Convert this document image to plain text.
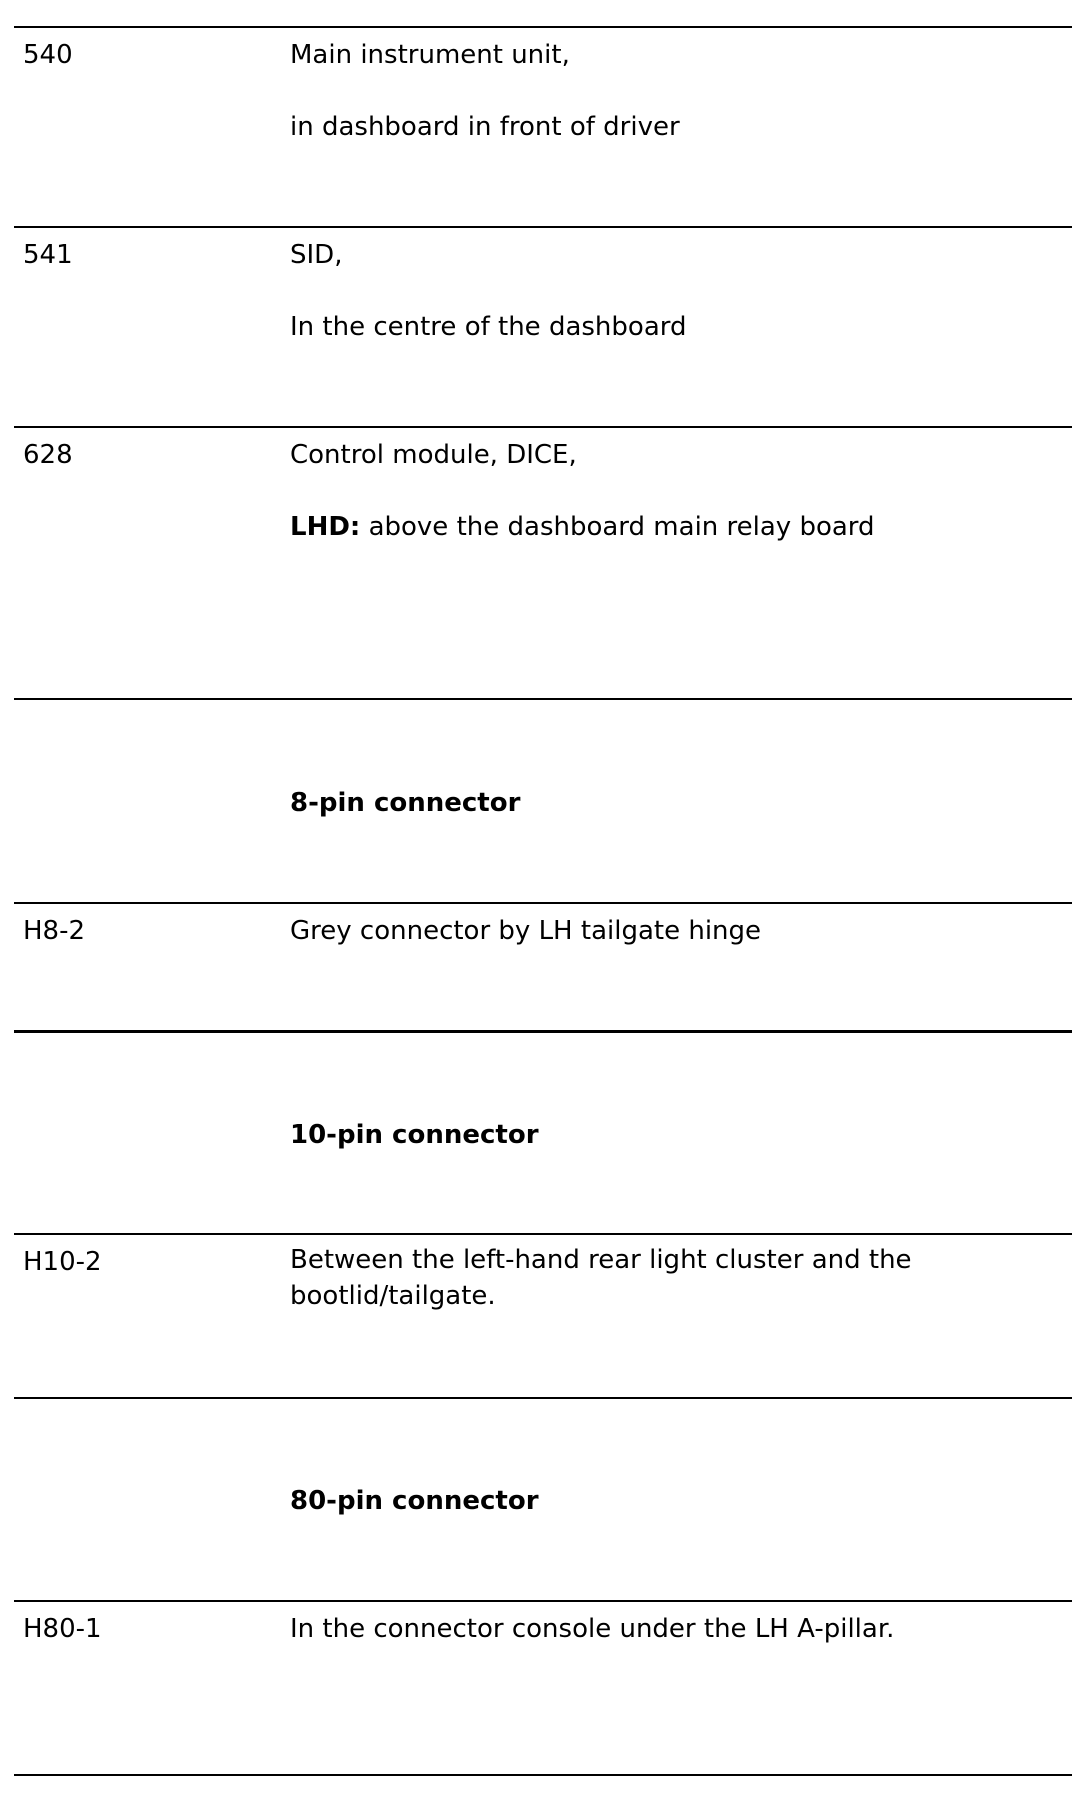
540	Main instrument unit,
in dashboard in front of driver
541	SID,
In the centre of the dashboard
628	Control module, DICE,
LHD: above the dashboard main relay board
8-pin connector
H8-2	Grey connector by LH tailgate hinge
10-pin connector
H10-2	Between the left-hand rear light cluster and the bootlid/tailgate.
80-pin connector
H80-1	In the connector console under the LH A-pillar.
